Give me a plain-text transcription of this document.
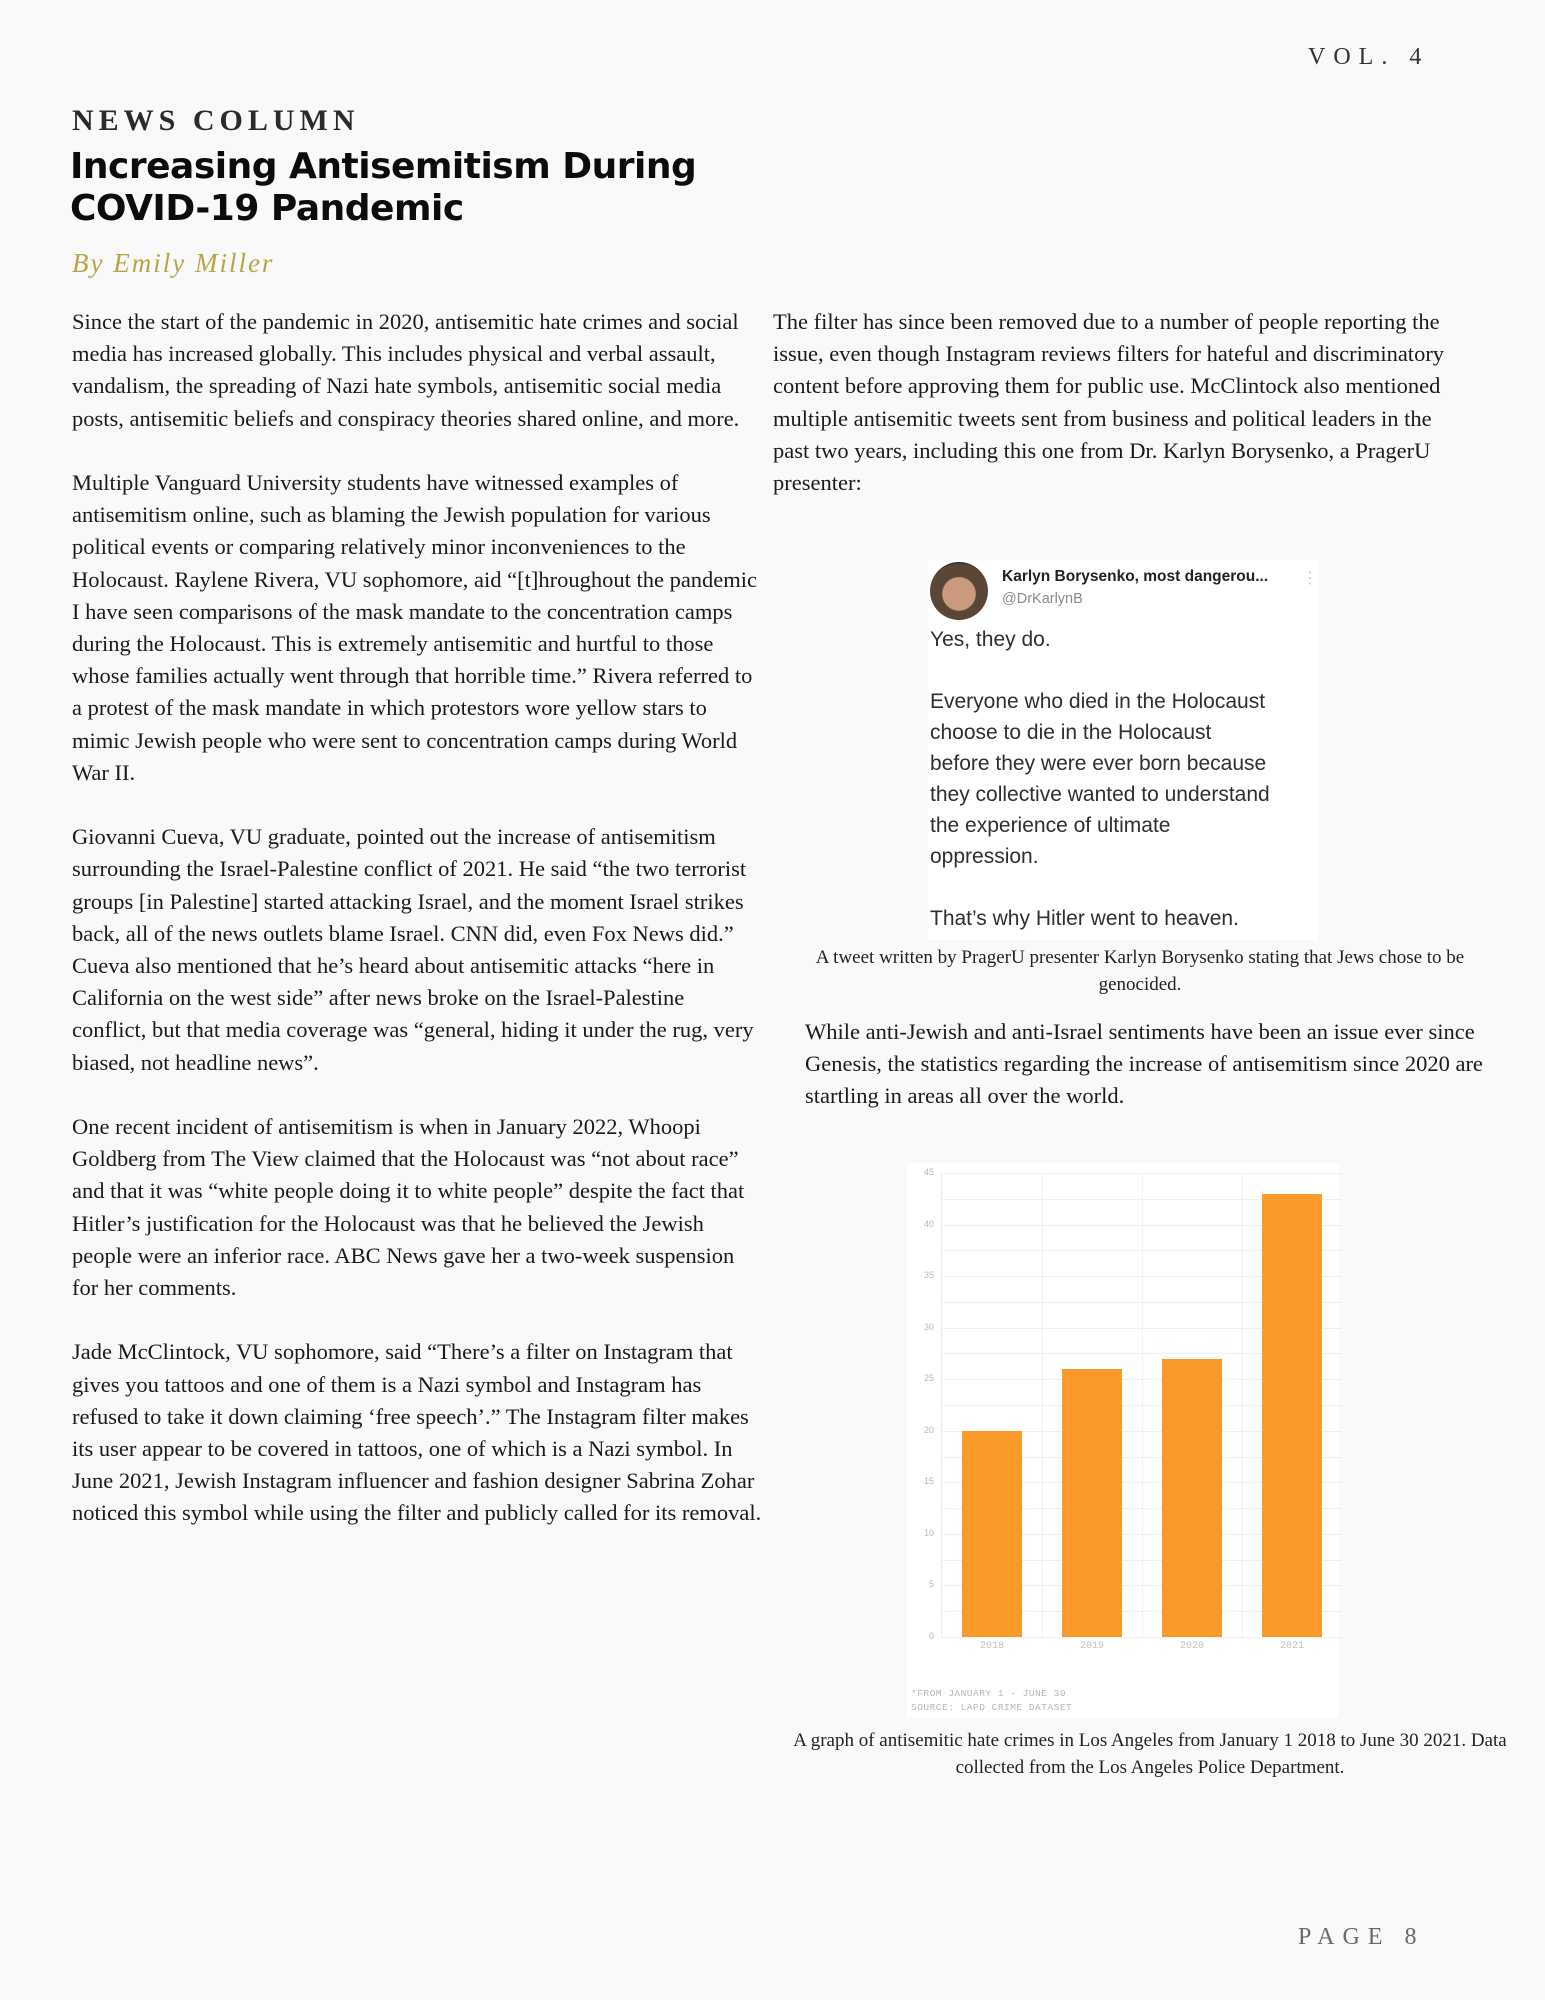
VOL. 4
NEWS COLUMN
Increasing Antisemitism During COVID-19 Pandemic
By Emily Miller

Since the start of the pandemic in 2020, antisemitic hate crimes and social media has increased globally. This includes physical and verbal assault, vandalism, the spreading of Nazi hate symbols, antisemitic social media posts, antisemitic beliefs and conspiracy theories shared online, and more.

Multiple Vanguard University students have witnessed examples of antisemitism online, such as blaming the Jewish population for various political events or comparing relatively minor inconveniences to the Holocaust. Raylene Rivera, VU sophomore, aid “[t]hroughout the pandemic I have seen comparisons of the mask mandate to the concentration camps during the Holocaust. This is extremely antisemitic and hurtful to those whose families actually went through that horrible time.” Rivera referred to a protest of the mask mandate in which protestors wore yellow stars to mimic Jewish people who were sent to concentration camps during World War II.

Giovanni Cueva, VU graduate, pointed out the increase of antisemitism surrounding the Israel-Palestine conflict of 2021. He said “the two terrorist groups [in Palestine] started attacking Israel, and the moment Israel strikes back, all of the news outlets blame Israel. CNN did, even Fox News did.” Cueva also mentioned that he’s heard about antisemitic attacks “here in California on the west side” after news broke on the Israel-Palestine conflict, but that media coverage was “general, hiding it under the rug, very biased, not headline news”.

One recent incident of antisemitism is when in January 2022, Whoopi Goldberg from The View claimed that the Holocaust was “not about race” and that it was “white people doing it to white people” despite the fact that Hitler’s justification for the Holocaust was that he believed the Jewish people were an inferior race. ABC News gave her a two-week suspension for her comments.

Jade McClintock, VU sophomore, said “There’s a filter on Instagram that gives you tattoos and one of them is a Nazi symbol and Instagram has refused to take it down claiming ‘free speech’.” The Instagram filter makes its user appear to be covered in tattoos, one of which is a Nazi symbol. In June 2021, Jewish Instagram influencer and fashion designer Sabrina Zohar noticed this symbol while using the filter and publicly called for its removal.

The filter has since been removed due to a number of people reporting the issue, even though Instagram reviews filters for hateful and discriminatory content before approving them for public use. McClintock also mentioned multiple antisemitic tweets sent from business and political leaders in the past two years, including this one from Dr. Karlyn Borysenko, a PragerU presenter:

Karlyn Borysenko, most dangerou...
@DrKarlynB
⋮
Yes, they do.
Everyone who died in the Holocaust
choose to die in the Holocaust
before they were ever born because
they collective wanted to understand
the experience of ultimate
oppression.
That’s why Hitler went to heaven.
A tweet written by PragerU presenter Karlyn Borysenko stating that Jews chose to be genocided.

While anti-Jewish and anti-Israel sentiments have been an issue ever since Genesis, the statistics regarding the increase of antisemitism since 2020 are startling in areas all over the world.

0
5
10
15
20
25
30
35
40
45
2018	2019	2020	2021
*FROM JANUARY 1 - JUNE 30
SOURCE: LAPD CRIME DATASET
A graph of antisemitic hate crimes in Los Angeles from January 1 2018 to June 30 2021. Data collected from the Los Angeles Police Department.
PAGE 8
